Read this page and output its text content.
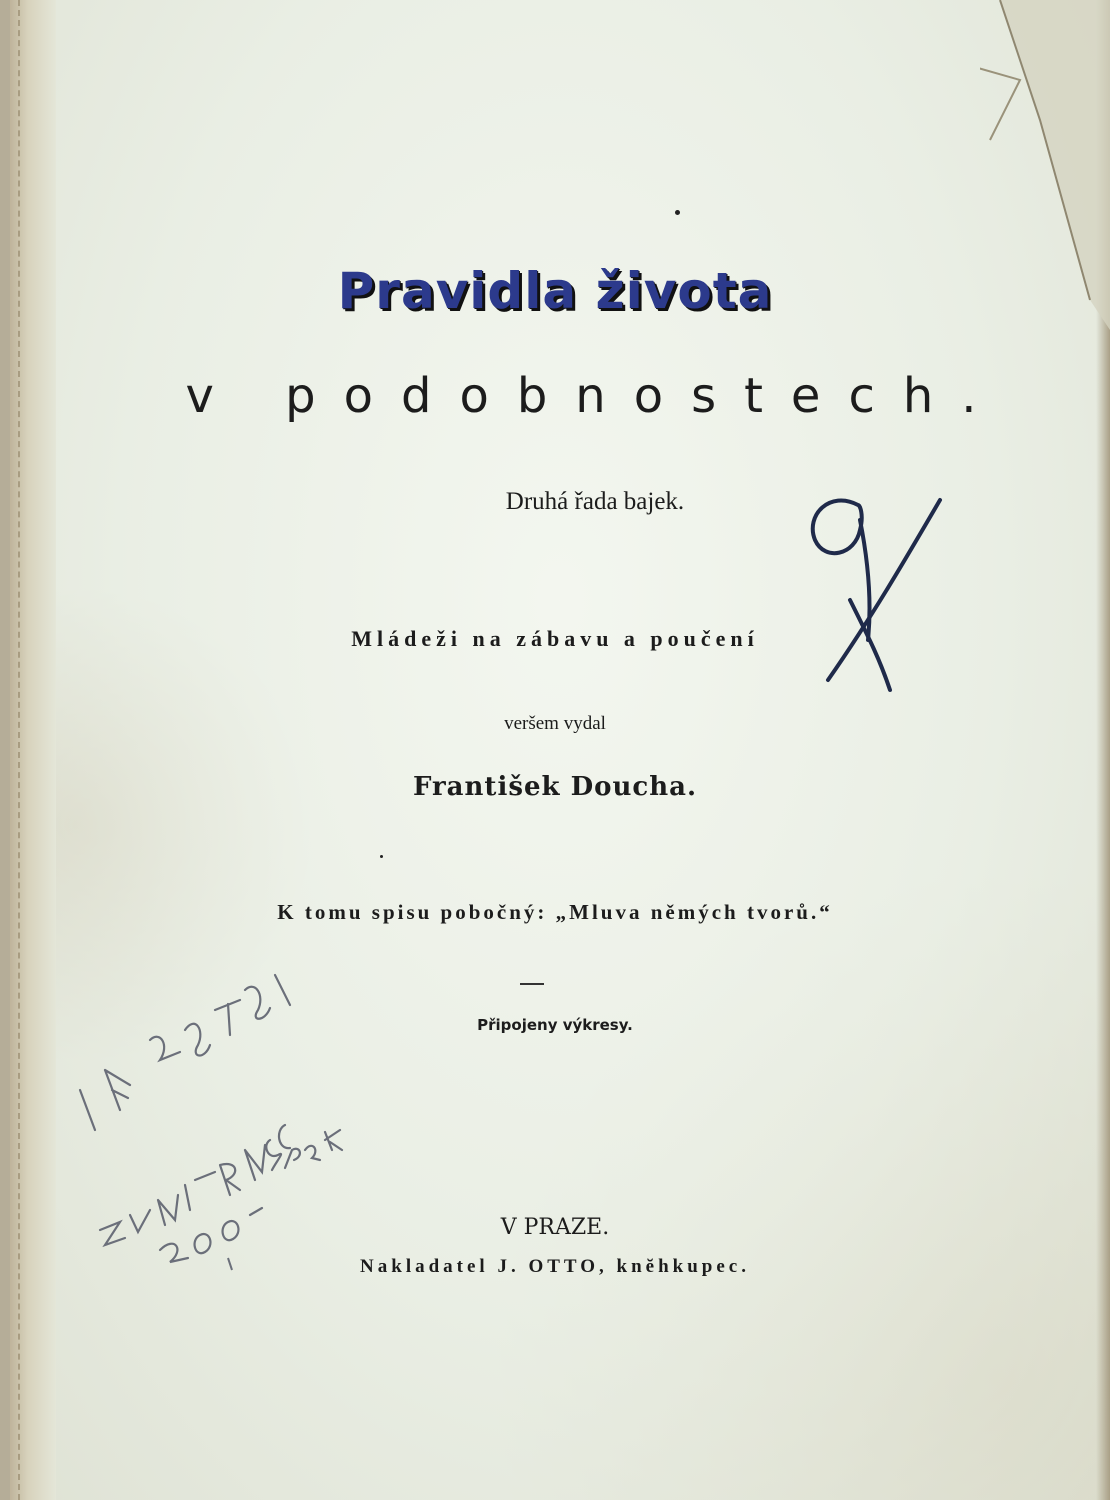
Pravidla života
v podobnostech.
Druhá řada bajek.
Mládeži na zábavu a poučení
veršem vydal
František Doucha.
K tomu spisu pobočný: „Mluva němých tvorů.“
Připojeny výkresy.
V PRAZE.
Nakladatel J. OTTO, knĕhkupec.
